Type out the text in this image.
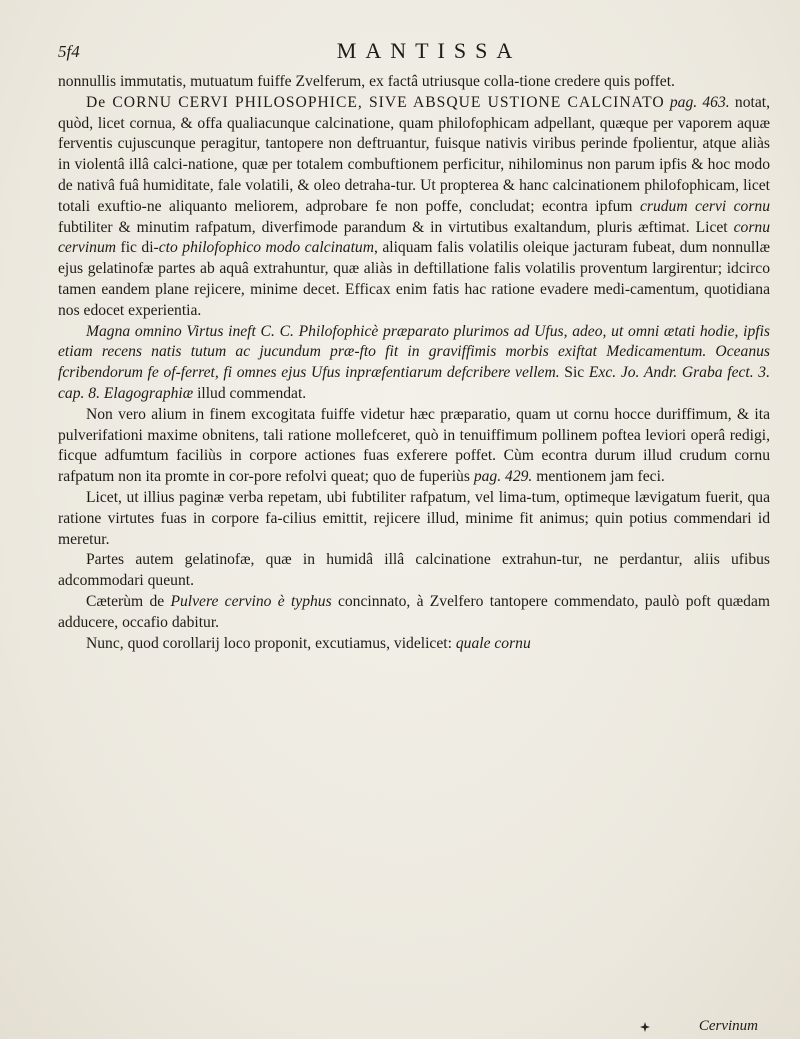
5f4	MANTISSA

nonnullis immutatis, mutuatum fuiffe Zvelferum, ex factâ utriusque colla-tione credere quis poffet.

De CORNU CERVI PHILOSOPHICE, SIVE ABSQUE USTIONE CALCINATO pag. 463. notat, quòd, licet cornua, & offa qualiacunque calcinatione, quam philofophicam adpellant, quæque per vaporem aquæ ferventis cujuscunque peragitur, tantopere non deftruantur, fuisque nativis viribus perinde fpolientur, atque aliàs in violentâ illâ calci-natione, quæ per totalem combuftionem perficitur, nihilominus non parum ipfis & hoc modo de nativâ fuâ humiditate, fale volatili, & oleo detraha-tur. Ut propterea & hanc calcinationem philofophicam, licet totali exuftio-ne aliquanto meliorem, adprobare fe non poffe, concludat; econtra ipfum crudum cervi cornu fubtiliter & minutim rafpatum, diverfimode parandum & in virtutibus exaltandum, pluris æftimat. Licet cornu cervinum fic di-cto philofophico modo calcinatum, aliquam falis volatilis oleique jacturam fubeat, dum nonnullæ ejus gelatinofæ partes ab aquâ extrahuntur, quæ aliàs in deftillatione falis volatilis proventum largirentur; idcirco tamen eandem plane rejicere, minime decet. Efficax enim fatis hac ratione evadere medi-camentum, quotidiana nos edocet experientia.

Magna omnino Virtus ineft C. C. Philofophicè præparato plurimos ad Ufus, adeo, ut omni ætati hodie, ipfis etiam recens natis tutum ac jucundum præ-fto fit in graviffimis morbis exiftat Medicamentum. Oceanus fcribendorum fe of-ferret, fi omnes ejus Ufus inpræfentiarum defcribere vellem. Sic Exc. Jo. Andr. Graba fect. 3. cap. 8. Elagographiæ illud commendat.

Non vero alium in finem excogitata fuiffe videtur hæc præparatio, quam ut cornu hocce duriffimum, & ita pulverifationi maxime obnitens, tali ratione mollefceret, quò in tenuiffimum pollinem poftea leviori operâ redigi, ficque adfumtum faciliùs in corpore actiones fuas exferere poffet. Cùm econtra durum illud crudum cornu rafpatum non ita promte in cor-pore refolvi queat; quo de fuperiùs pag. 429. mentionem jam feci.

Licet, ut illius paginæ verba repetam, ubi fubtiliter rafpatum, vel lima-tum, optimeque lævigatum fuerit, qua ratione virtutes fuas in corpore fa-cilius emittit, rejicere illud, minime fit animus; quin potius commendari id meretur.

Partes autem gelatinofæ, quæ in humidâ illâ calcinatione extrahun-tur, ne perdantur, aliis ufibus adcommodari queunt.

Cæterùm de Pulvere cervino è typhus concinnato, à Zvelfero tantopere commendato, paulò poft quædam adducere, occafio dabitur.

Nunc, quod corollarij loco proponit, excutiamus, videlicet: quale cornu

Cervinum
